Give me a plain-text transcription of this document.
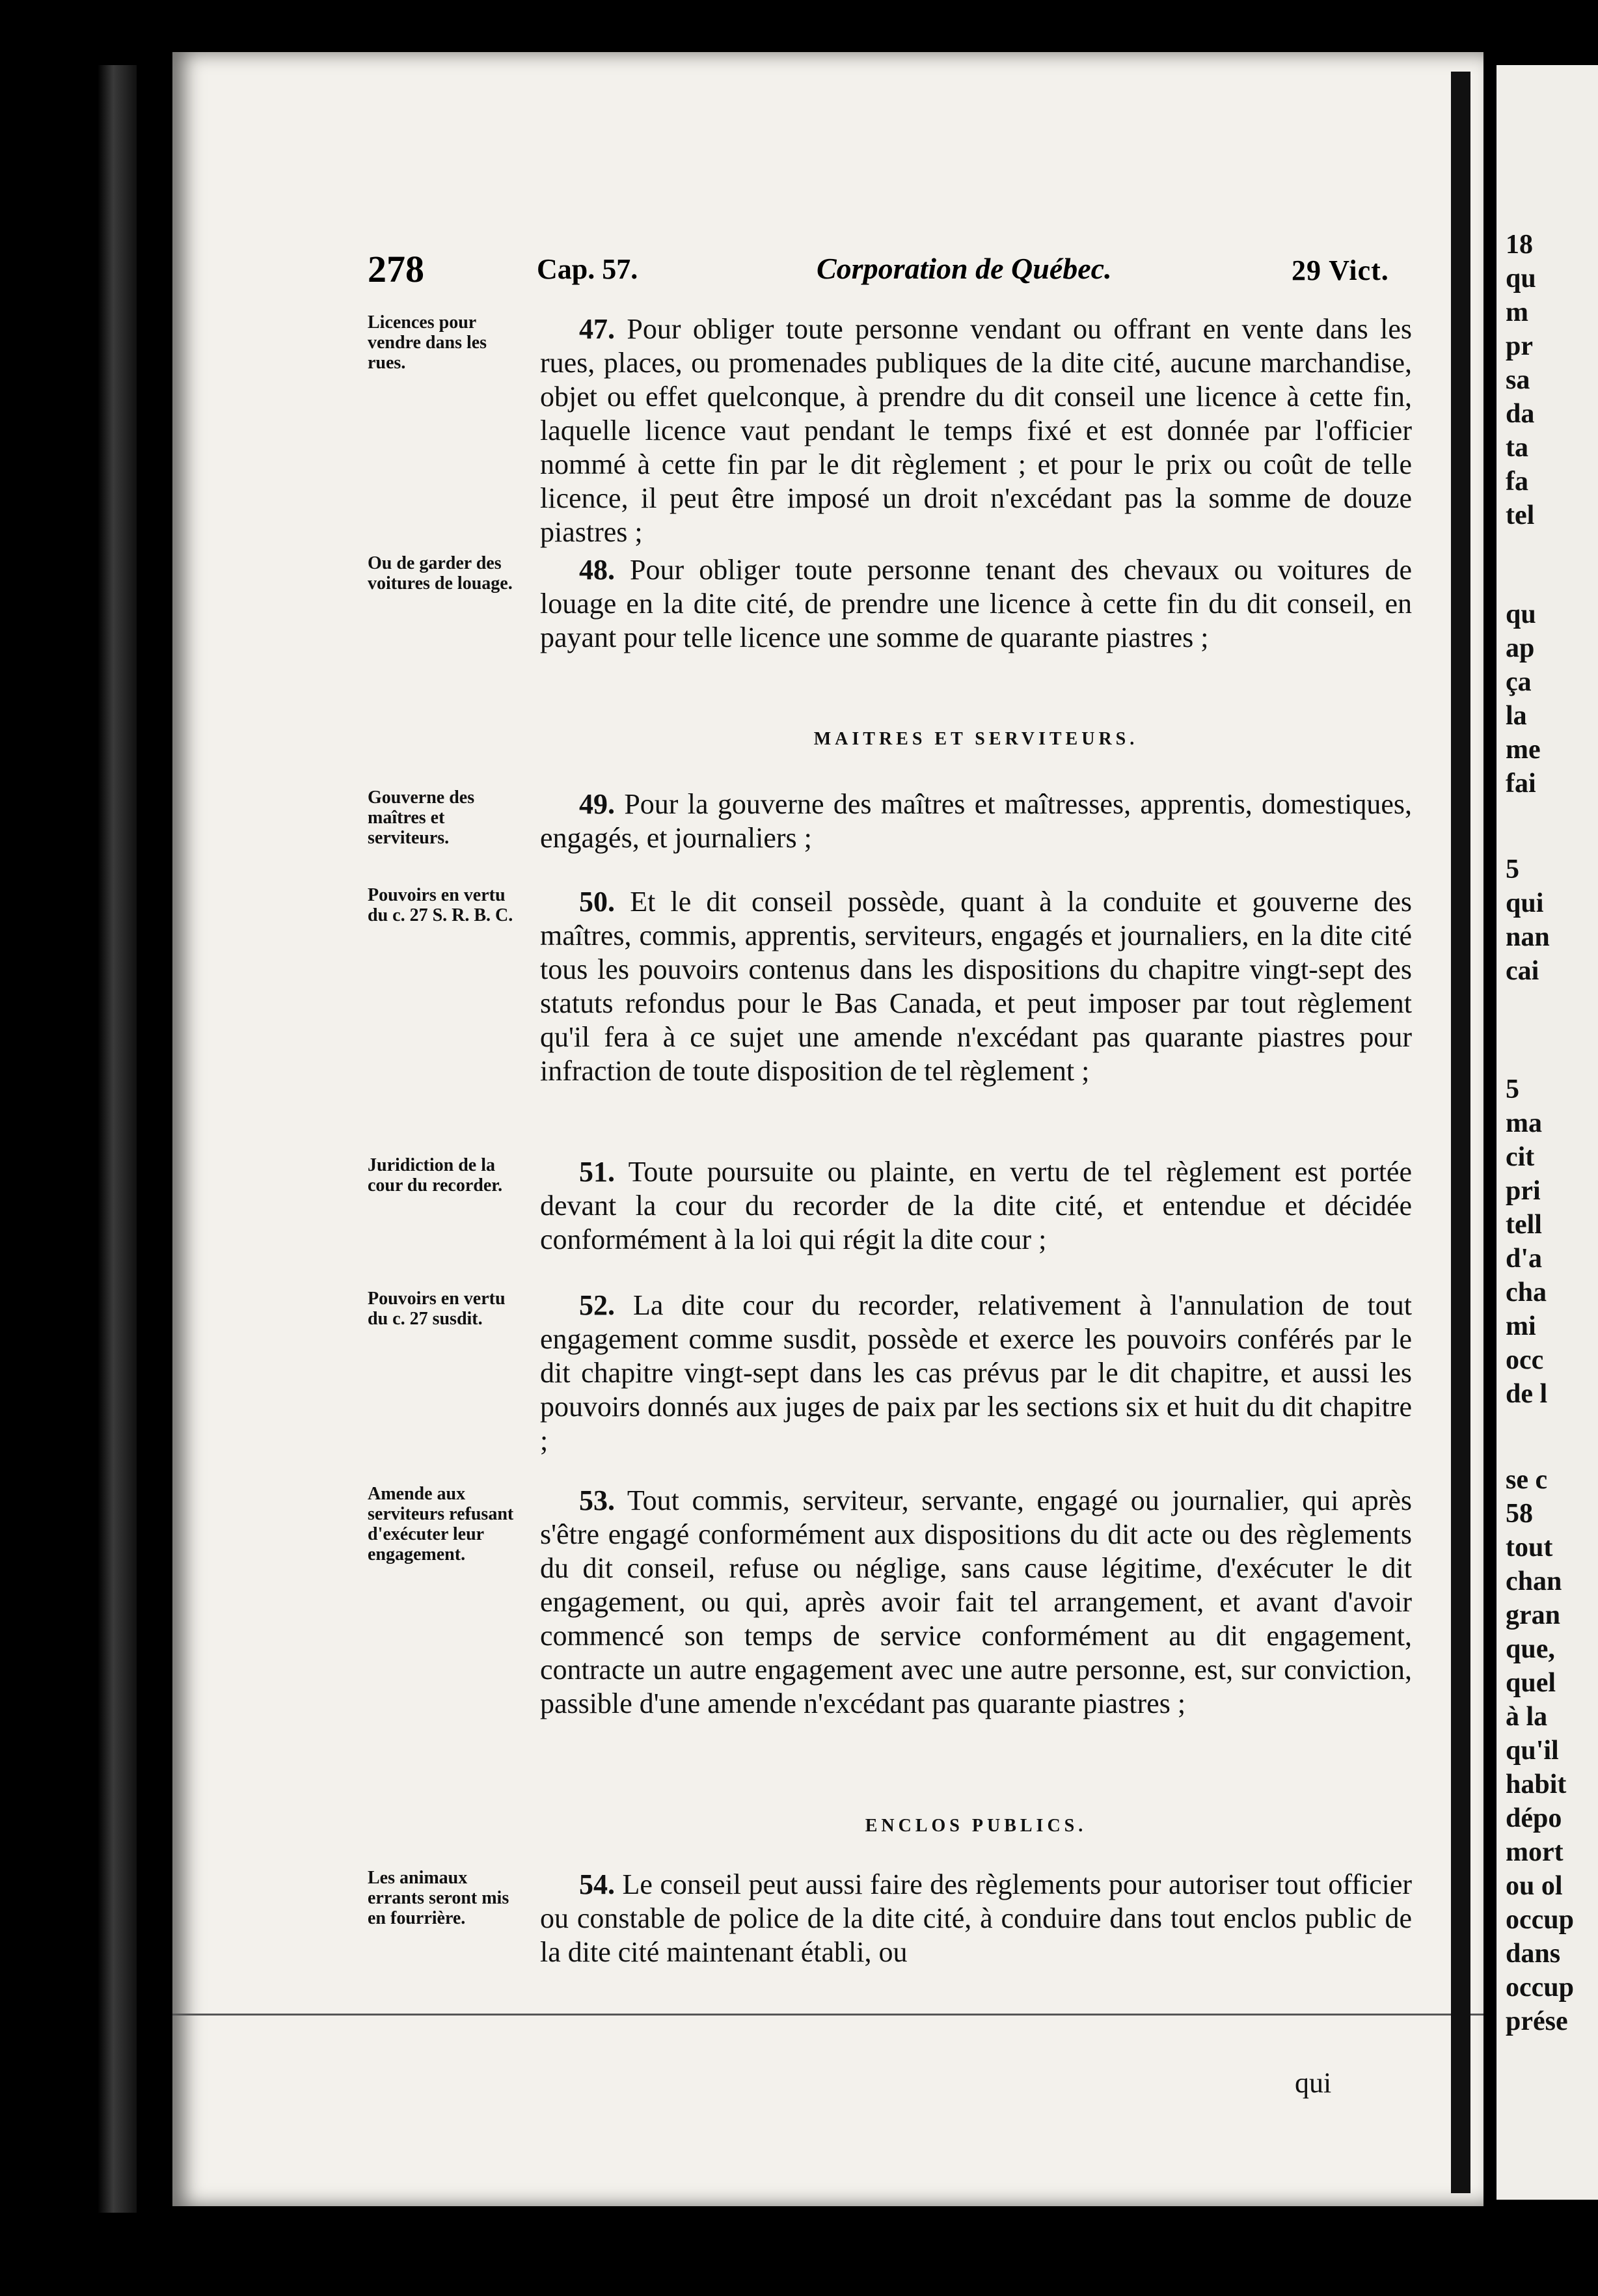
278	Cap. 57.	Corporation de Québec.	29 Vict.
Licences pour vendre dans les rues.
47. Pour obliger toute personne vendant ou offrant en vente dans les rues, places, ou promenades publiques de la dite cité, aucune marchandise, objet ou effet quelconque, à prendre du dit conseil une licence à cette fin, laquelle licence vaut pendant le temps fixé et est donnée par l'officier nommé à cette fin par le dit règlement ; et pour le prix ou coût de telle licence, il peut être imposé un droit n'excédant pas la somme de douze piastres ;
Ou de garder des voitures de louage.	48. Pour obliger toute personne tenant des chevaux ou voitures de louage en la dite cité, de prendre une licence à cette fin du dit conseil, en payant pour telle licence une somme de quarante piastres ;
MAITRES ET SERVITEURS.
Gouverne des maîtres et serviteurs.
49. Pour la gouverne des maîtres et maîtresses, apprentis, domestiques, engagés, et journaliers ;
Pouvoirs en vertu du c. 27 S. R. B. C.	50. Et le dit conseil possède, quant à la conduite et gouverne des maîtres, commis, apprentis, serviteurs, engagés et journaliers, en la dite cité tous les pouvoirs contenus dans les dispositions du chapitre vingt-sept des statuts refondus pour le Bas Canada, et peut imposer par tout règlement qu'il fera à ce sujet une amende n'excédant pas quarante piastres pour infraction de toute disposition de tel règlement ;
Juridiction de la cour du recorder.	51. Toute poursuite ou plainte, en vertu de tel règlement est portée devant la cour du recorder de la dite cité, et entendue et décidée conformément à la loi qui régit la dite cour ;
Pouvoirs en vertu du c. 27 susdit.	52. La dite cour du recorder, relativement à l'annulation de tout engagement comme susdit, possède et exerce les pouvoirs conférés par le dit chapitre vingt-sept dans les cas prévus par le dit chapitre, et aussi les pouvoirs donnés aux juges de paix par les sections six et huit du dit chapitre ;
Amende aux serviteurs refusant d'exécuter leur engagement.
53. Tout commis, serviteur, servante, engagé ou journalier, qui après s'être engagé conformément aux dispositions du dit acte ou des règlements du dit conseil, refuse ou néglige, sans cause légitime, d'exécuter le dit engagement, ou qui, après avoir fait tel arrangement, et avant d'avoir commencé son temps de service conformément au dit engagement, contracte un autre engagement avec une autre personne, est, sur conviction, passible d'une amende n'excédant pas quarante piastres ;
ENCLOS PUBLICS.
Les animaux errants seront mis en fourrière.
54. Le conseil peut aussi faire des règlements pour autoriser tout officier ou constable de police de la dite cité, à conduire dans tout enclos public de la dite cité maintenant établi, ou
qui
18
qu
m
pr
sa
da
ta
fa
tel
qu
ap
ça
la
me
fai
5
qui
nan
cai
5
ma
cit
pri
tell
d'a
cha
mi
occ
de l
se c
58
tout
chan
gran
que,
quel
à la
qu'il
habit
dépo
mort
ou ol
occup
dans
occup
prése
